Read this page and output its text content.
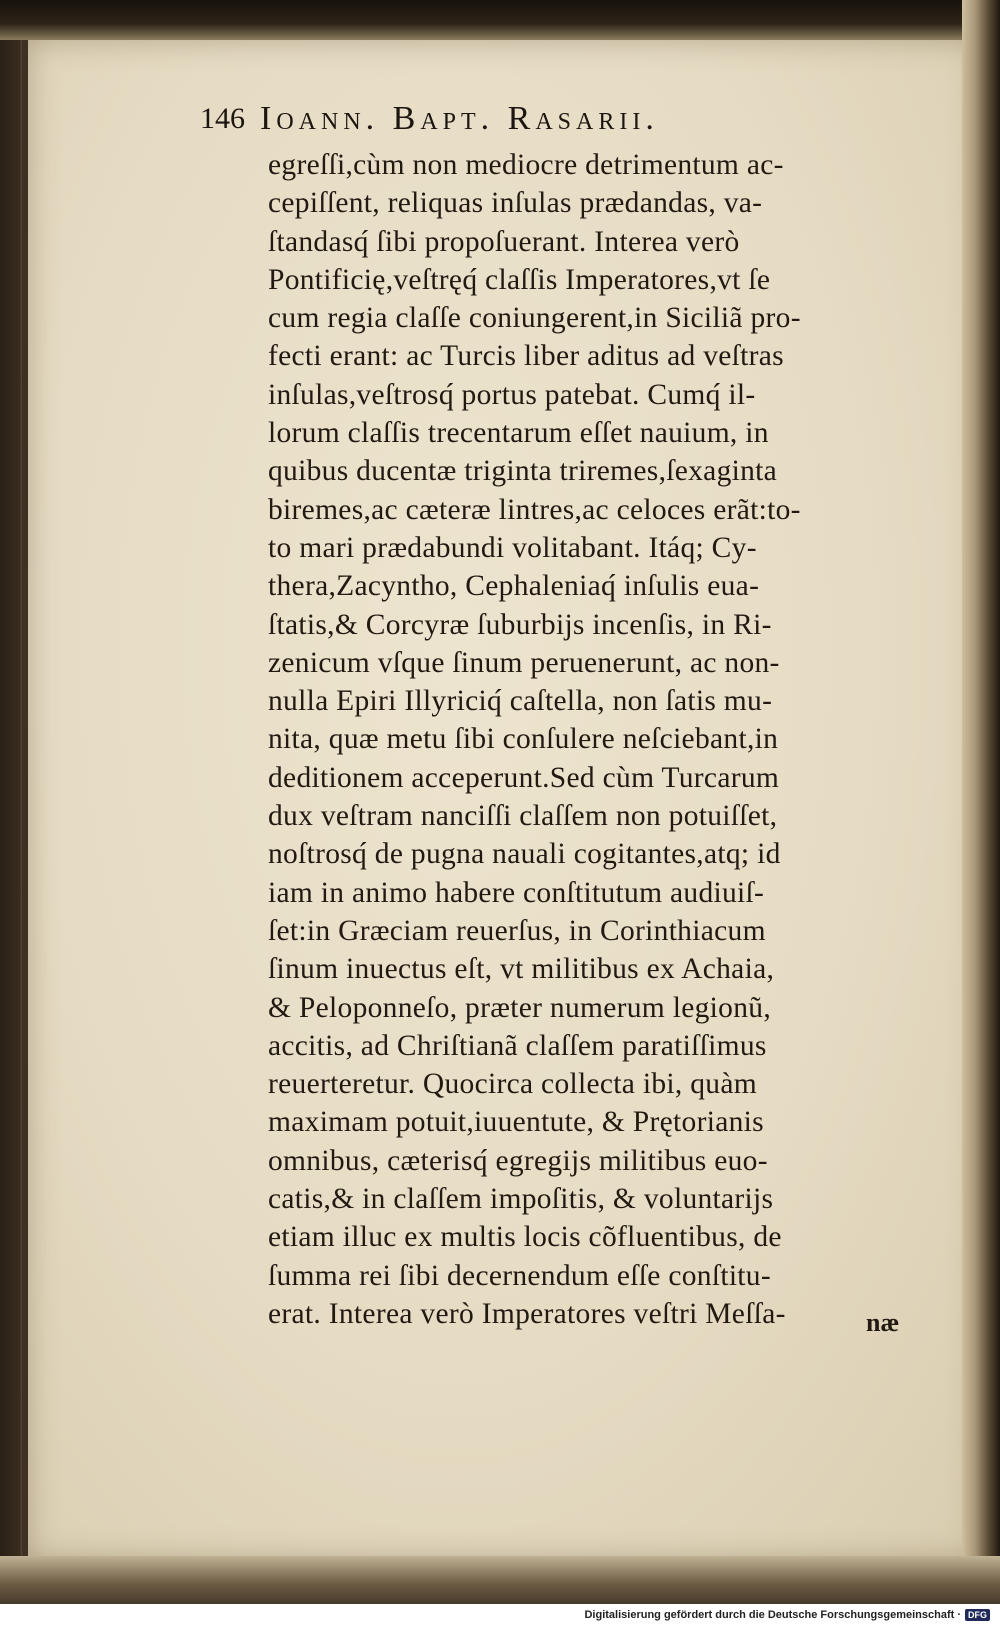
146 Ioann. Bapt. Rasarii.
egreſſi,cùm non mediocre detrimentum ac-
cepiſſent, reliquas inſulas prædandas, va-
ſtandasq́ ſibi propoſuerant. Interea verò
Pontificię,veſtręq́ claſſis Imperatores,vt ſe
cum regia claſſe coniungerent,in Siciliã pro-
fecti erant: ac Turcis liber aditus ad veſtras
inſulas,veſtrosq́ portus patebat. Cumq́ il-
lorum claſſis trecentarum eſſet nauium, in
quibus ducentæ triginta triremes,ſexaginta
biremes,ac cæteræ lintres,ac celoces erãt:to-
to mari prædabundi volitabant. Itáq; Cy-
thera,Zacyntho, Cephaleniaq́ inſulis eua-
ſtatis,& Corcyræ ſuburbijs incenſis, in Ri-
zenicum vſque ſinum peruenerunt, ac non-
nulla Epiri Illyriciq́ caſtella, non ſatis mu-
nita, quæ metu ſibi conſulere neſciebant,in
deditionem acceperunt.Sed cùm Turcarum
dux veſtram nanciſſi claſſem non potuiſſet,
noſtrosq́ de pugna nauali cogitantes,atq; id
iam in animo habere conſtitutum audiuiſ-
ſet:in Græciam reuerſus, in Corinthiacum
ſinum inuectus eſt, vt militibus ex Achaia,
& Peloponneſo, præter numerum legionũ,
accitis, ad Chriſtianã claſſem paratiſſimus
reuerteretur. Quocirca collecta ibi, quàm
maximam potuit,iuuentute, & Prętorianis
omnibus, cæterisq́ egregijs militibus euo-
catis,& in claſſem impoſitis, & voluntarijs
etiam illuc ex multis locis cõfluentibus, de
ſumma rei ſibi decernendum eſſe conſtitu-
erat. Interea verò Imperatores veſtri Meſſa-	næ
Digitalisierung gefördert durch die Deutsche Forschungsgemeinschaft · DFG
